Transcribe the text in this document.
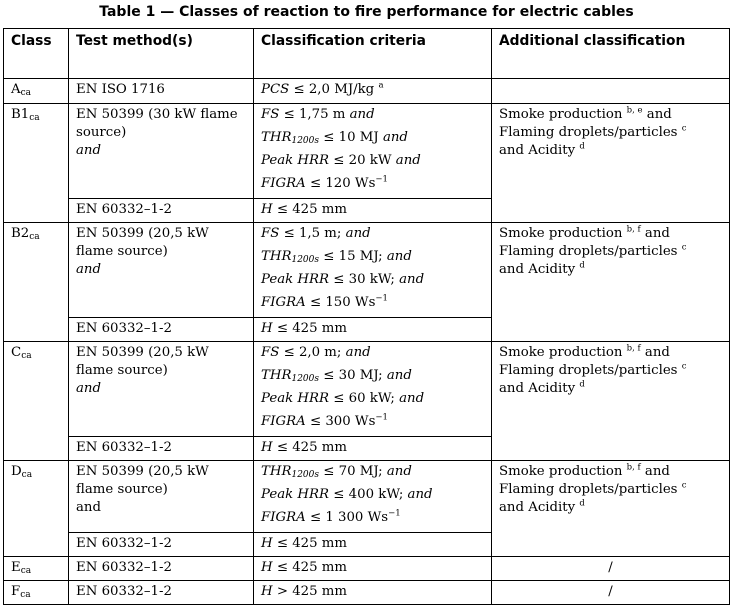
Table 1 — Classes of reaction to fire performance for electric cables
Class	Test method(s)	Classification criteria	Additional classification
Aca	EN ISO 1716	PCS ≤ 2,0 MJ/kg $^a$	
B1ca	EN 50399 (30 kW flame
source)
and	FS ≤ 1,75 m and
THR1200s ≤ 10 MJ and
Peak HRR ≤ 20 kW and
FIGRA ≤ 120 $Ws^{-1}$	Smoke production $^{b, e}$ and
Flaming droplets/particles $^c$
and Acidity $^d$
	EN 60332–1-2	H ≤ 425 mm	
B2ca	EN 50399 (20,5 kW
flame source)
and	FS ≤ 1,5 m; and
THR1200s ≤ 15 MJ; and
Peak HRR ≤ 30 kW; and
FIGRA ≤ 150 $Ws^{-1}$	Smoke production $^{b, f}$ and
Flaming droplets/particles $^c$
and Acidity $^d$
	EN 60332–1-2	H ≤ 425 mm	
Cca	EN 50399 (20,5 kW
flame source)
and	FS ≤ 2,0 m; and
THR1200s ≤ 30 MJ; and
Peak HRR ≤ 60 kW; and
FIGRA ≤ 300 $Ws^{-1}$	Smoke production $^{b, f}$ and
Flaming droplets/particles $^c$
and Acidity $^d$
	EN 60332–1-2	H ≤ 425 mm	
Dca	EN 50399 (20,5 kW
flame source)
and	THR1200s ≤ 70 MJ; and
Peak HRR ≤ 400 kW; and
FIGRA ≤ 1 300 $Ws^{-1}$	Smoke production $^{b, f}$ and
Flaming droplets/particles $^c$
and Acidity $^d$
	EN 60332–1-2	H ≤ 425 mm	
Eca	EN 60332–1-2	H ≤ 425 mm	/
Fca	EN 60332–1-2	H > 425 mm	/
